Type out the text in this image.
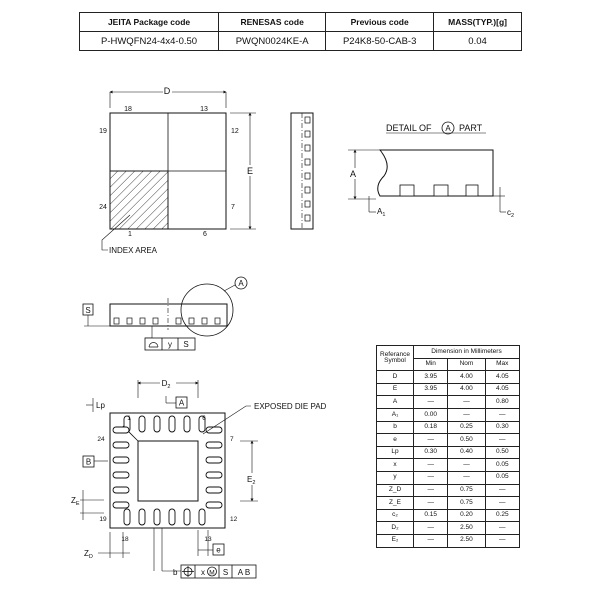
JEITA Package code	RENESAS code	Previous code	MASS(TYP.)[g]
P-HWQFN24-4x4-0.50	PWQN0024KE-A	P24K8-50-CAB-3	0.04
D
18	13
19	12
24	7
1	6
E
INDEX AREA
DETAIL OF A PART
A
$A_1$	$c_2$
S
A
y S
$D_2$
Lp	A
1	6
7
24
19	12
18	13
EXPOSED DIE PAD
B
$E_2$
$Z_E$
$Z_D$
e
b	x M S A B
Referance Symbol	Dimension in Millimeters		
	Min	Nom	Max
D	3.95	4.00	4.05
E	3.95	4.00	4.05
A	—	—	0.80
A₁	0.00	—	—
b	0.18	0.25	0.30
e	—	0.50	—
Lp	0.30	0.40	0.50
x	—	—	0.05
y	—	—	0.05
Z_D	—	0.75	—
Z_E	—	0.75	—
c₂	0.15	0.20	0.25
D₂	—	2.50	—
E₂	—	2.50	—
